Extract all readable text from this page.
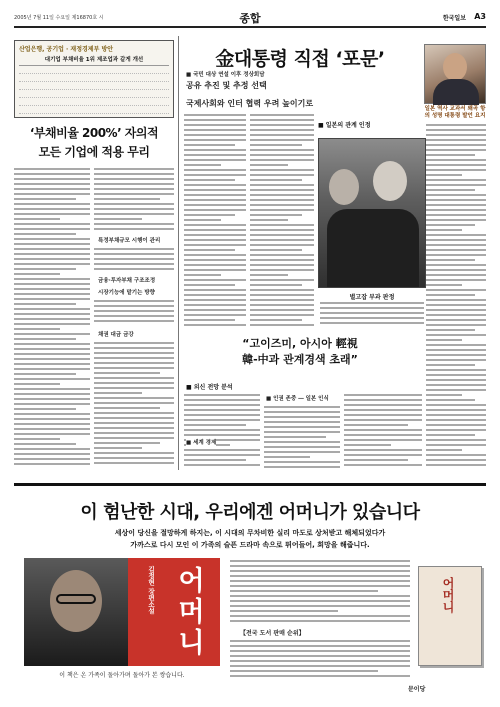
2005년 7월 11일 수요일 제16870호 시	종합	한국일보 A3
산업은행, 공기업 · 재정경제부 방안
대기업 부채비율 1위 제조업과 같게 개선
‘부채비율 200%’ 자의적
모든 기업에 적용 무리
특정부채규모 시행이 관리
금융·투자부채 구조조정
시장기능에 맡기는 방향
채권 대금 금강
金대통령 직접 ‘포문’
공유 추진 및 추정 선택
국제사회와 인터 협력 우려 높이기로
■ 국민 대상 연설 이후 정상회담
일본 역사 교과서 왜곡 항의 성명 대통령 발언 요지
■ 일본의 관계 인정
별고잡 부과 판정
“고이즈미, 아시아 輕視
韓-中과 관계경색 초래”
■ 외신 전망 분석
■ 인권 존중 ― 일본 인식
■ 세계 경제
이 험난한 시대, 우리에겐 어머니가 있습니다
세상이 당신을 절망하게 하지는, 이 시대의 무차비한 실리 마도로 상처받고 해체되었다가
가까스로 다시 모인 이 가족의 슬픈 드라마 속으로 뛰어들어, 희망을 해줍니다.
김정현 장편소설 어머니
이 책은 온 가족이 돌아가며 돌아가 본 쌍습니다.
【전국 도서 판매 순위】
어머니
문이당
